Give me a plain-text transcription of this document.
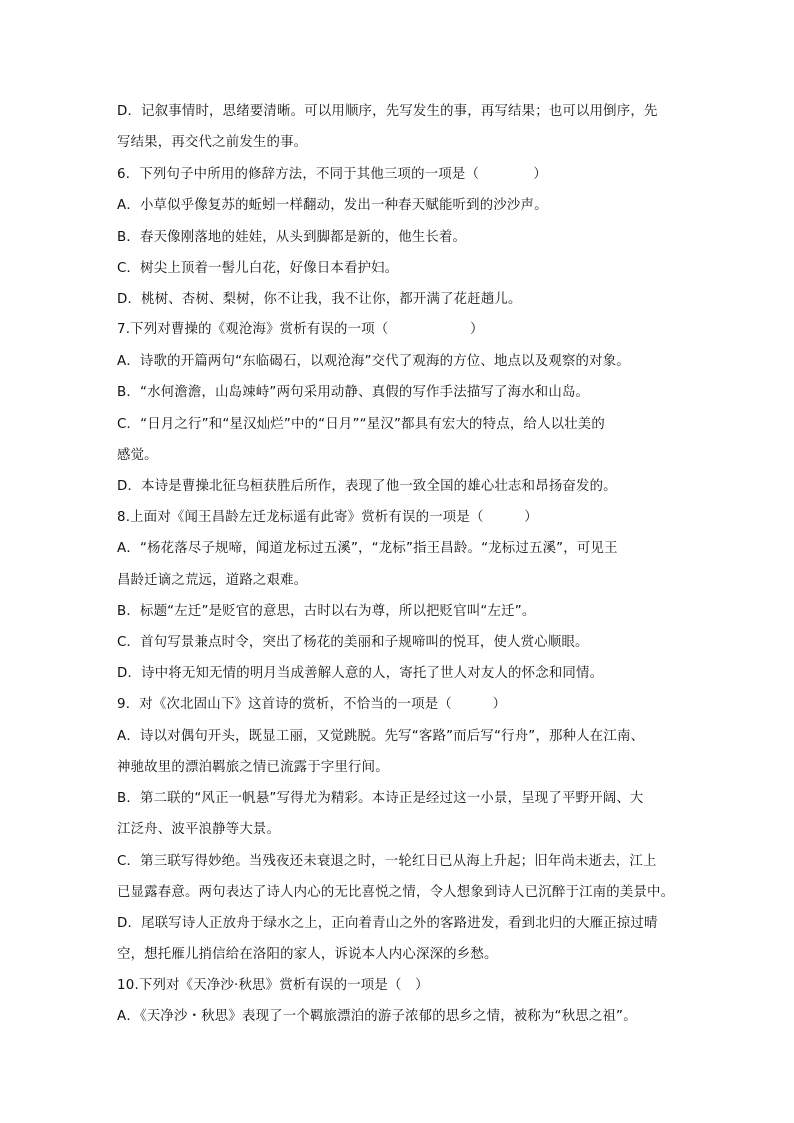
D．记叙事情时，思绪要清晰。可以用顺序，先写发生的事，再写结果；也可以用倒序，先
写结果，再交代之前发生的事。
6．下列句子中所用的修辞方法，不同于其他三项的一项是（　　　　）
A．小草似乎像复苏的蚯蚓一样翻动，发出一种春天赋能听到的沙沙声。
B．春天像刚落地的娃娃，从头到脚都是新的，他生长着。
C．树尖上顶着一髻儿白花，好像日本看护妇。
D．桃树、杏树、梨树，你不让我，我不让你，都开满了花赶趟儿。
7.下列对曹操的《观沧海》赏析有误的一项（　　　　　　）
A．诗歌的开篇两句“东临碣石，以观沧海”交代了观海的方位、地点以及观察的对象。
B．“水何澹澹，山岛竦峙”两句采用动静、真假的写作手法描写了海水和山岛。
C．“日月之行”和“星汉灿烂”中的“日月”“星汉”都具有宏大的特点，给人以壮美的
感觉。
D．本诗是曹操北征乌桓获胜后所作，表现了他一致全国的雄心壮志和昂扬奋发的。
8.上面对《闻王昌龄左迁龙标遥有此寄》赏析有误的一项是（　　　）
A．“杨花落尽子规啼，闻道龙标过五溪”，“龙标”指王昌龄。“龙标过五溪”，可见王
昌龄迁谪之荒远，道路之艰难。
B．标题“左迁”是贬官的意思，古时以右为尊，所以把贬官叫“左迁”。
C．首句写景兼点时令，突出了杨花的美丽和子规啼叫的悦耳，使人赏心顺眼。
D．诗中将无知无情的明月当成善解人意的人，寄托了世人对友人的怀念和同情。
9．对《次北固山下》这首诗的赏析，不恰当的一项是（　　　）
A．诗以对偶句开头，既显工丽，又觉跳脱。先写“客路”而后写“行舟”，那种人在江南、
神驰故里的漂泊羁旅之情已流露于字里行间。
B．第二联的“风正一帆悬”写得尤为精彩。本诗正是经过这一小景，呈现了平野开阔、大
江泛舟、波平浪静等大景。
C．第三联写得妙绝。当残夜还未衰退之时，一轮红日已从海上升起；旧年尚未逝去，江上
已显露春意。两句表达了诗人内心的无比喜悦之情，令人想象到诗人已沉醉于江南的美景中。
D．尾联写诗人正放舟于绿水之上，正向着青山之外的客路进发，看到北归的大雁正掠过晴
空，想托雁儿捎信给在洛阳的家人，诉说本人内心深深的乡愁。
10.下列对《天净沙·秋思》赏析有误的一项是（　）
A．《天净沙・秋思》表现了一个羁旅漂泊的游子浓郁的思乡之情，被称为“秋思之祖”。
